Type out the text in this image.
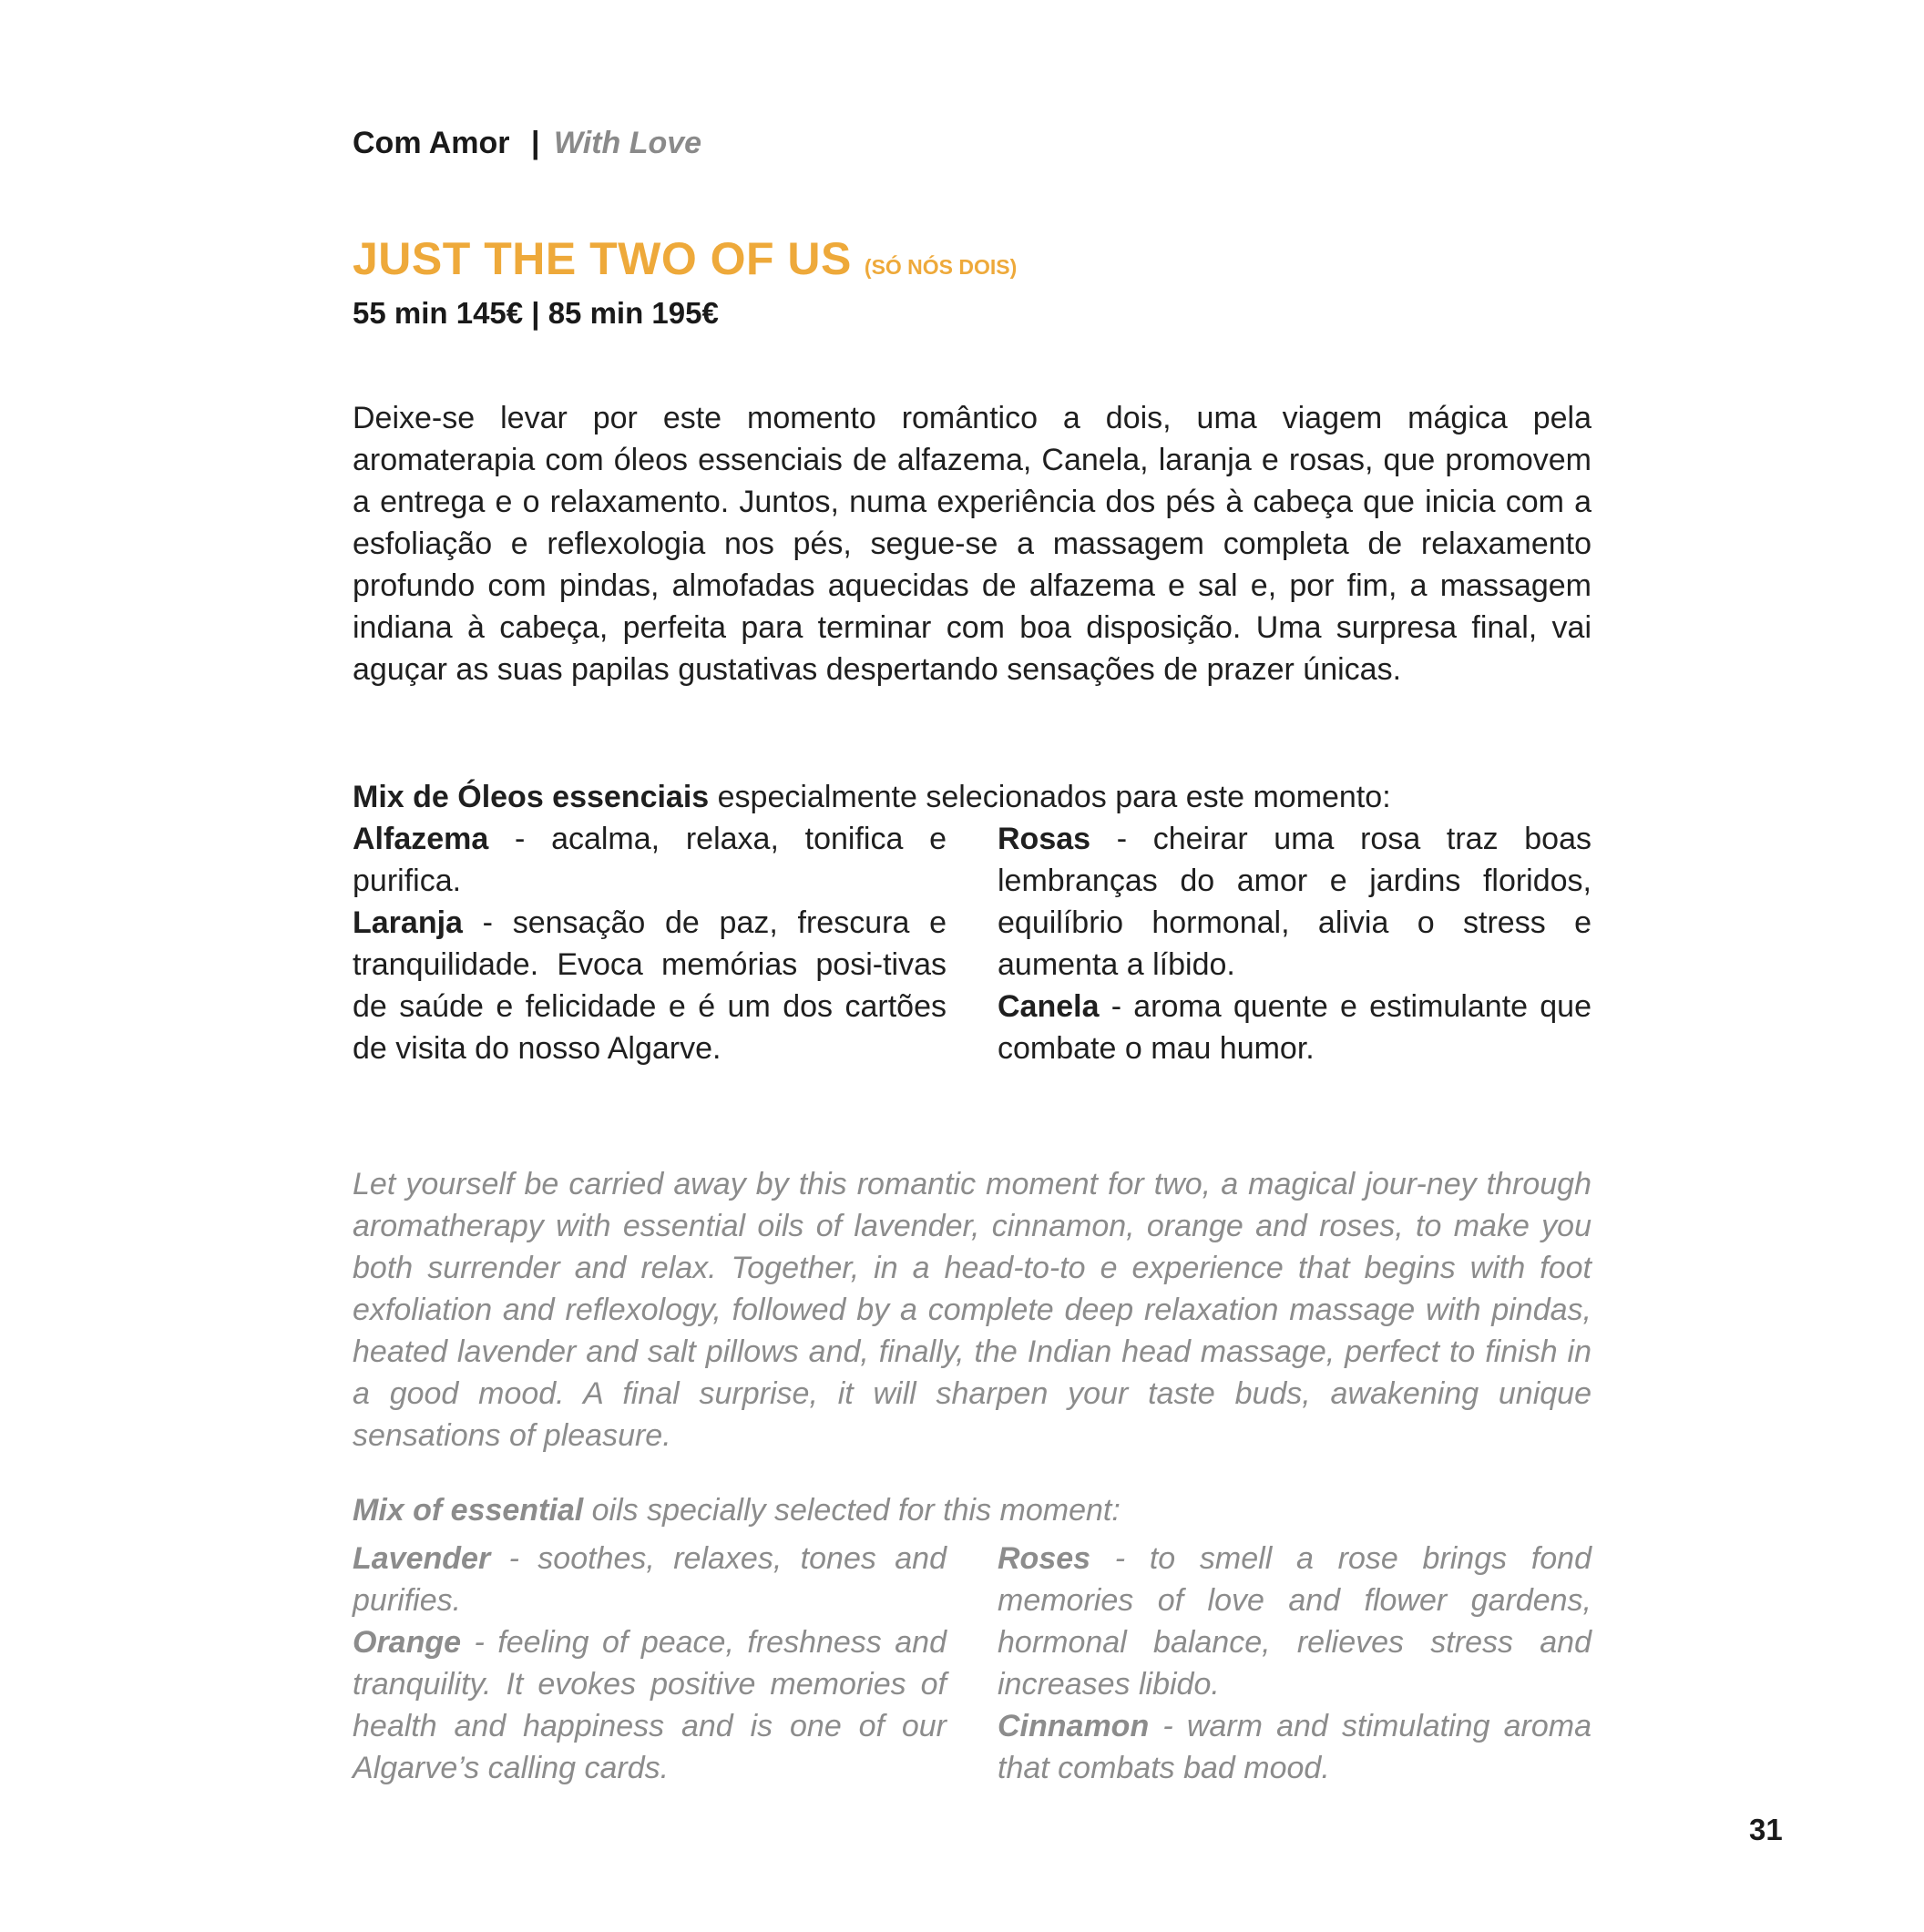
Com Amor | With Love
JUST THE TWO OF US (SÓ NÓS DOIS)
55 min 145€ | 85 min 195€

Deixe-se levar por este momento romântico a dois, uma viagem mágica pela aromaterapia com óleos essenciais de alfazema, Canela, laranja e rosas, que promovem a entrega e o relaxamento. Juntos, numa experiência dos pés à cabeça que inicia com a esfoliação e reflexologia nos pés, segue-se a massagem completa de relaxamento profundo com pindas, almofadas aquecidas de alfazema e sal e, por fim, a massagem indiana à cabeça, perfeita para terminar com boa disposição. Uma surpresa final, vai aguçar as suas papilas gustativas despertando sensações de prazer únicas.

Mix de Óleos essenciais especialmente selecionados para este momento:

Alfazema - acalma, relaxa, tonifica e purifica.

Laranja - sensação de paz, frescura e tranquilidade. Evoca memórias posi-tivas de saúde e felicidade e é um dos cartões de visita do nosso Algarve.

Rosas - cheirar uma rosa traz boas lembranças do amor e jardins floridos, equilíbrio hormonal, alivia o stress e aumenta a líbido.

Canela - aroma quente e estimulante que combate o mau humor.

Let yourself be carried away by this romantic moment for two, a magical jour-ney through aromatherapy with essential oils of lavender, cinnamon, orange and roses, to make you both surrender and relax. Together, in a head-to-to e experience that begins with foot exfoliation and reflexology, followed by a complete deep relaxation massage with pindas, heated lavender and salt pillows and, finally, the Indian head massage, perfect to finish in a good mood. A final surprise, it will sharpen your taste buds, awakening unique sensations of pleasure.

Mix of essential oils specially selected for this moment:

Lavender - soothes, relaxes, tones and purifies.

Orange - feeling of peace, freshness and tranquility. It evokes positive memories of health and happiness and is one of our Algarve’s calling cards.

Roses - to smell a rose brings fond memories of love and flower gardens, hormonal balance, relieves stress and increases libido.

Cinnamon - warm and stimulating aroma that combats bad mood.

31
